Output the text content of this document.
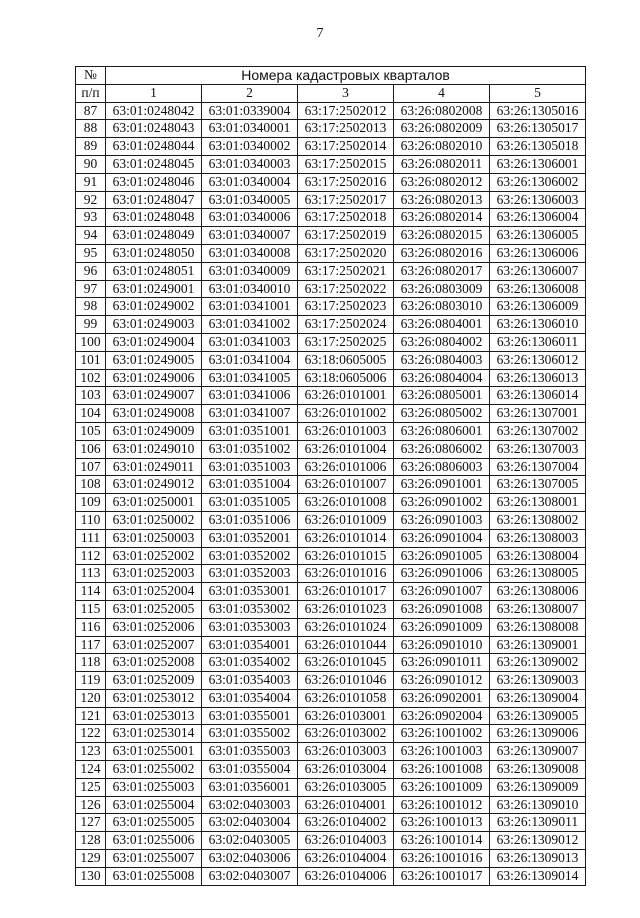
7
№	Номера кадастровых кварталов				
п/п	1	2	3	4	5
87	63:01:0248042	63:01:0339004	63:17:2502012	63:26:0802008	63:26:1305016
88	63:01:0248043	63:01:0340001	63:17:2502013	63:26:0802009	63:26:1305017
89	63:01:0248044	63:01:0340002	63:17:2502014	63:26:0802010	63:26:1305018
90	63:01:0248045	63:01:0340003	63:17:2502015	63:26:0802011	63:26:1306001
91	63:01:0248046	63:01:0340004	63:17:2502016	63:26:0802012	63:26:1306002
92	63:01:0248047	63:01:0340005	63:17:2502017	63:26:0802013	63:26:1306003
93	63:01:0248048	63:01:0340006	63:17:2502018	63:26:0802014	63:26:1306004
94	63:01:0248049	63:01:0340007	63:17:2502019	63:26:0802015	63:26:1306005
95	63:01:0248050	63:01:0340008	63:17:2502020	63:26:0802016	63:26:1306006
96	63:01:0248051	63:01:0340009	63:17:2502021	63:26:0802017	63:26:1306007
97	63:01:0249001	63:01:0340010	63:17:2502022	63:26:0803009	63:26:1306008
98	63:01:0249002	63:01:0341001	63:17:2502023	63:26:0803010	63:26:1306009
99	63:01:0249003	63:01:0341002	63:17:2502024	63:26:0804001	63:26:1306010
100	63:01:0249004	63:01:0341003	63:17:2502025	63:26:0804002	63:26:1306011
101	63:01:0249005	63:01:0341004	63:18:0605005	63:26:0804003	63:26:1306012
102	63:01:0249006	63:01:0341005	63:18:0605006	63:26:0804004	63:26:1306013
103	63:01:0249007	63:01:0341006	63:26:0101001	63:26:0805001	63:26:1306014
104	63:01:0249008	63:01:0341007	63:26:0101002	63:26:0805002	63:26:1307001
105	63:01:0249009	63:01:0351001	63:26:0101003	63:26:0806001	63:26:1307002
106	63:01:0249010	63:01:0351002	63:26:0101004	63:26:0806002	63:26:1307003
107	63:01:0249011	63:01:0351003	63:26:0101006	63:26:0806003	63:26:1307004
108	63:01:0249012	63:01:0351004	63:26:0101007	63:26:0901001	63:26:1307005
109	63:01:0250001	63:01:0351005	63:26:0101008	63:26:0901002	63:26:1308001
110	63:01:0250002	63:01:0351006	63:26:0101009	63:26:0901003	63:26:1308002
111	63:01:0250003	63:01:0352001	63:26:0101014	63:26:0901004	63:26:1308003
112	63:01:0252002	63:01:0352002	63:26:0101015	63:26:0901005	63:26:1308004
113	63:01:0252003	63:01:0352003	63:26:0101016	63:26:0901006	63:26:1308005
114	63:01:0252004	63:01:0353001	63:26:0101017	63:26:0901007	63:26:1308006
115	63:01:0252005	63:01:0353002	63:26:0101023	63:26:0901008	63:26:1308007
116	63:01:0252006	63:01:0353003	63:26:0101024	63:26:0901009	63:26:1308008
117	63:01:0252007	63:01:0354001	63:26:0101044	63:26:0901010	63:26:1309001
118	63:01:0252008	63:01:0354002	63:26:0101045	63:26:0901011	63:26:1309002
119	63:01:0252009	63:01:0354003	63:26:0101046	63:26:0901012	63:26:1309003
120	63:01:0253012	63:01:0354004	63:26:0101058	63:26:0902001	63:26:1309004
121	63:01:0253013	63:01:0355001	63:26:0103001	63:26:0902004	63:26:1309005
122	63:01:0253014	63:01:0355002	63:26:0103002	63:26:1001002	63:26:1309006
123	63:01:0255001	63:01:0355003	63:26:0103003	63:26:1001003	63:26:1309007
124	63:01:0255002	63:01:0355004	63:26:0103004	63:26:1001008	63:26:1309008
125	63:01:0255003	63:01:0356001	63:26:0103005	63:26:1001009	63:26:1309009
126	63:01:0255004	63:02:0403003	63:26:0104001	63:26:1001012	63:26:1309010
127	63:01:0255005	63:02:0403004	63:26:0104002	63:26:1001013	63:26:1309011
128	63:01:0255006	63:02:0403005	63:26:0104003	63:26:1001014	63:26:1309012
129	63:01:0255007	63:02:0403006	63:26:0104004	63:26:1001016	63:26:1309013
130	63:01:0255008	63:02:0403007	63:26:0104006	63:26:1001017	63:26:1309014
